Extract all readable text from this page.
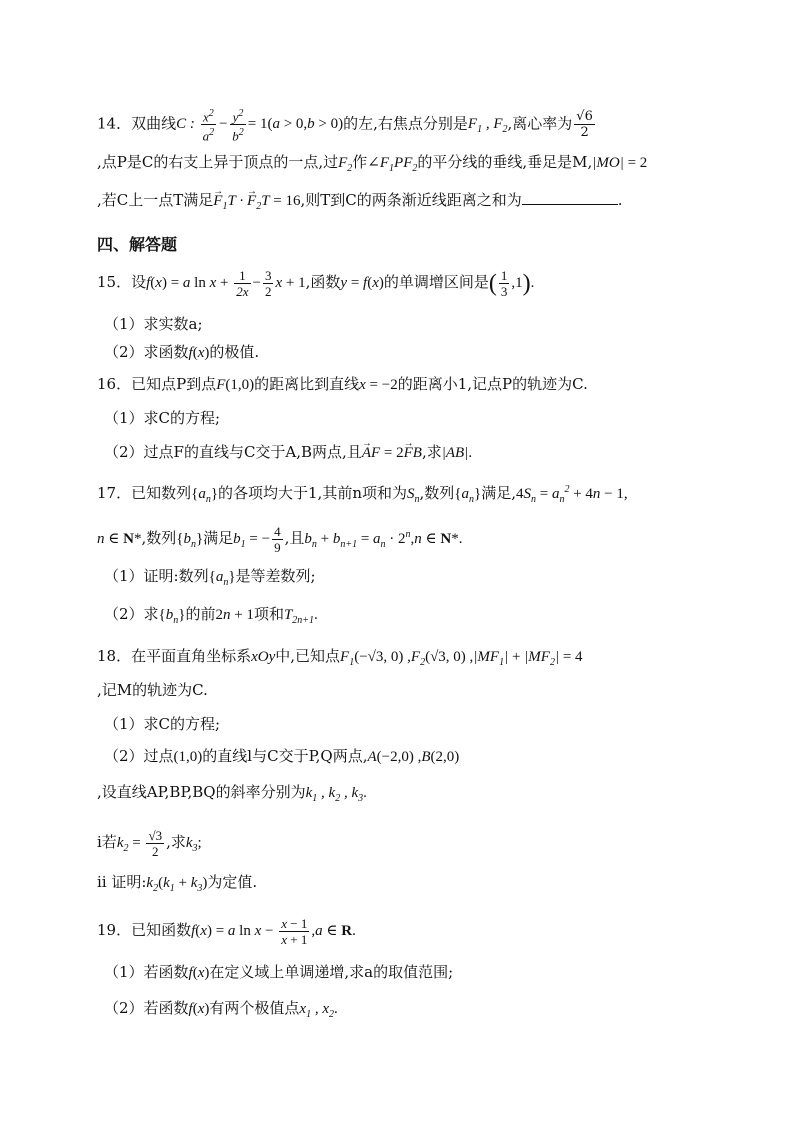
14．双曲线C : $\frac{x^2}{a^2} - \frac{y^2}{b^2} = 1(a > 0,b > 0)$的左,右焦点分别是$F_1$ , $F_2$,离心率为 $\frac{√6}{2}$
,点P是C的右支上异于顶点的一点,过$F_2$作$\angle F_1PF_2$的平分线的垂线,垂足是M,|MO| = 2
,若C上一点T满足→ $F_1T$ · → $F_2T = 16$,则T到C的两条渐近线距离之和为	.
四、解答题
15．设f(x) = a $\ln x + \frac{1}{2x} - \frac{3}{2}$ x + 1,函数y = f(x)的单调增区间是( $\frac{1}{3} ,1$).
（1）求实数a;
（2）求函数f(x)的极值.
16．已知点P到点F(1,0)的距离比到直线x = −2的距离小1,记点P的轨迹为C.
（1）求C的方程;
（2）过点F的直线与C交于A,B两点,且→ AF = 2→ FB,求|AB|.
17．已知数列$\{a_n\}$的各项均大于1,其前n项和为$S_n$,数列$\{a_n\}$满足$,4S_n = a_n^2 + 4n - 1$,
n ∈ N*,数列$\{b_n\}$满足$b_1$ = − $\frac{4}{9}$ ,且$b_n + b_{n+1} = a_n \cdot 2^n,n$ ∈ N*.
（1）证明:数列$\{a_n\}$是等差数列;
（2）求$\{b_n\}$的前2n + 1项和$T_{2n+1}$.
18．在平面直角坐标系xOy中,已知点$F_1(-√3$, 0) $,F_2(√3$, 0) $,|MF_1| + |MF_2| = 4$
,记M的轨迹为C.
（1）求C的方程;
（2）过点(1,0)的直线l与C交于P,Q两点,A(−2,0) ,B(2,0)
,设直线AP,BP,BQ的斜率分别为$k_1$ , $k_2$ , $k_3$.
ⅰ若$k_2 = \frac{√3}{2}$ ,求$k_3$;
ⅱ 证明$:k_2(k_1 + k_3)$为定值.
19．已知函数f(x) = a $\ln x - \frac{x - 1}{x + 1} ,a$ ∈ R.
（1）若函数f(x)在定义域上单调递增,求a的取值范围;
（2）若函数f(x)有两个极值点$x_1$ , $x_2$.
